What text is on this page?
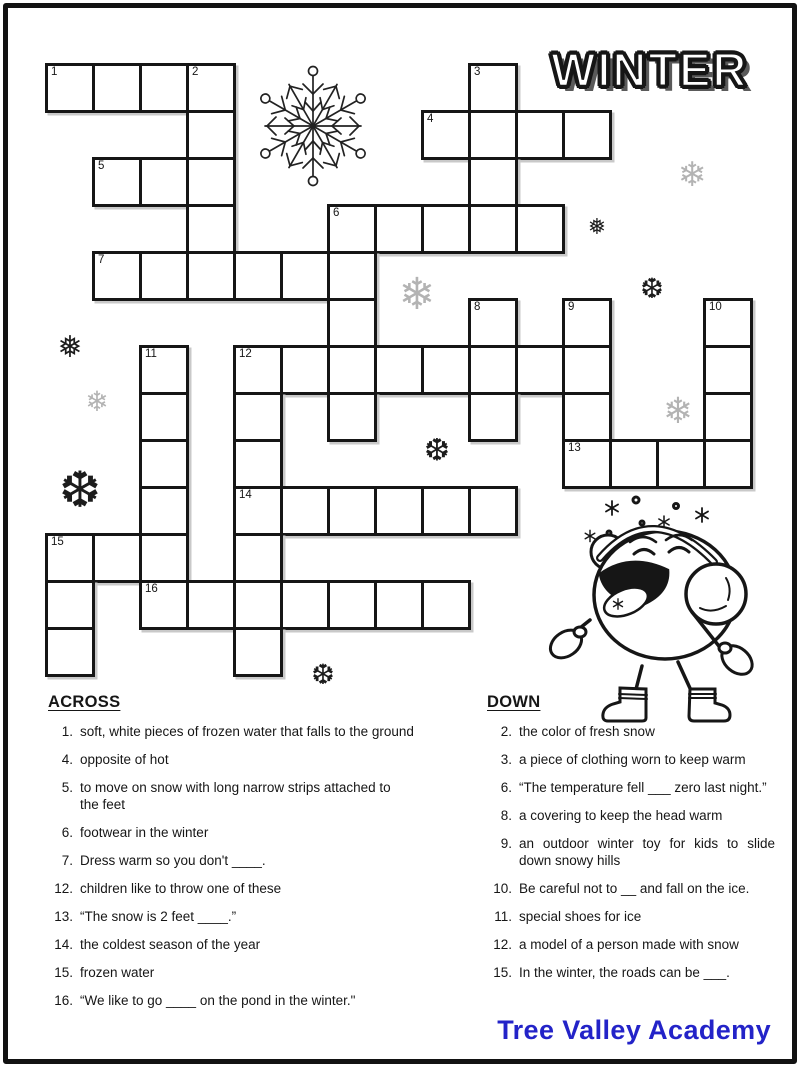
WINTER
❄
❅
❆
❄
❅
❄	❄
❆
❆
❆
1	2	3
4
5
6
7
8	9	10
11	12
13
14
15
16
ACROSS
1. soft, white pieces of frozen water that falls to the ground
4. opposite of hot
5. to move on snow with long narrow strips attached to
the feet
6. footwear in the winter
7. Dress warm so you don't ____.
12. children like to throw one of these
13. “The snow is 2 feet ____.”
14. the coldest season of the year
15. frozen water
16. “We like to go ____ on the pond in the winter."
DOWN
2. the color of fresh snow
3. a piece of clothing worn to keep warm
6. “The temperature fell ___ zero last night.”
8. a covering to keep the head warm
9. an outdoor winter toy for kids to slide
down snowy hills
10. Be careful not to __ and fall on the ice.
11. special shoes for ice
12. a model of a person made with snow
15. In the winter, the roads can be ___.
Tree Valley Academy
